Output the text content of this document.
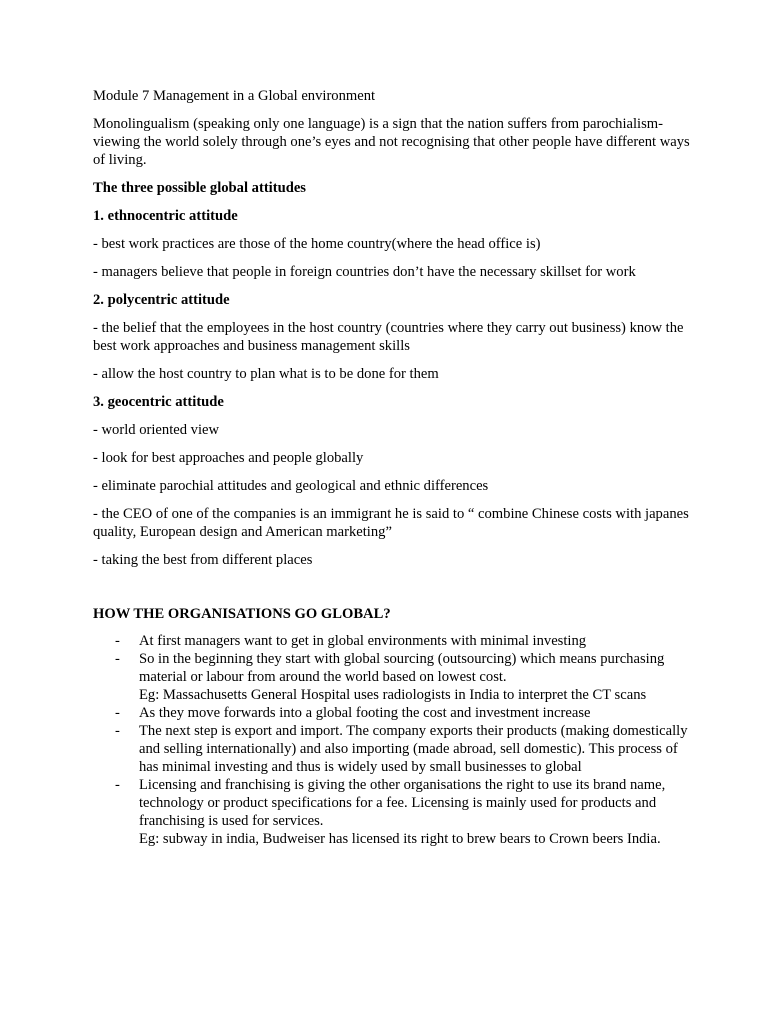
Module 7 Management in a Global environment

Monolingualism (speaking only one language) is a sign that the nation suffers from parochialism- viewing the world solely through one’s eyes and not recognising that other people have different ways of living.

The three possible global attitudes

1. ethnocentric attitude

- best work practices are those of the home country(where the head office is)

- managers believe that people in foreign countries don’t have the necessary skillset for work

2. polycentric attitude

- the belief that the employees in the host country (countries where they carry out business) know the best work approaches and business management skills

- allow the host country to plan what is to be done for them

3. geocentric attitude

- world oriented view

- look for best approaches and people globally

- eliminate parochial attitudes and geological and ethnic differences

- the CEO of one of the companies is an immigrant he is said to “ combine Chinese costs with japanes quality, European design and American marketing”

- taking the best from different places

HOW THE ORGANISATIONS GO GLOBAL?
- At first managers want to get in global environments with minimal investing
- So in the beginning they start with global sourcing (outsourcing) which means purchasing material or labour from around the world based on lowest cost.
Eg: Massachusetts General Hospital uses radiologists in India to interpret the CT scans
- As they move forwards into a global footing the cost and investment increase
- The next step is export and import. The company exports their products (making domestically and selling internationally) and also importing (made abroad, sell domestic). This process of has minimal investing and thus is widely used by small businesses to global
- Licensing and franchising is giving the other organisations the right to use its brand name, technology or product specifications for a fee. Licensing is mainly used for products and franchising is used for services.
Eg: subway in india, Budweiser has licensed its right to brew bears to Crown beers India.
